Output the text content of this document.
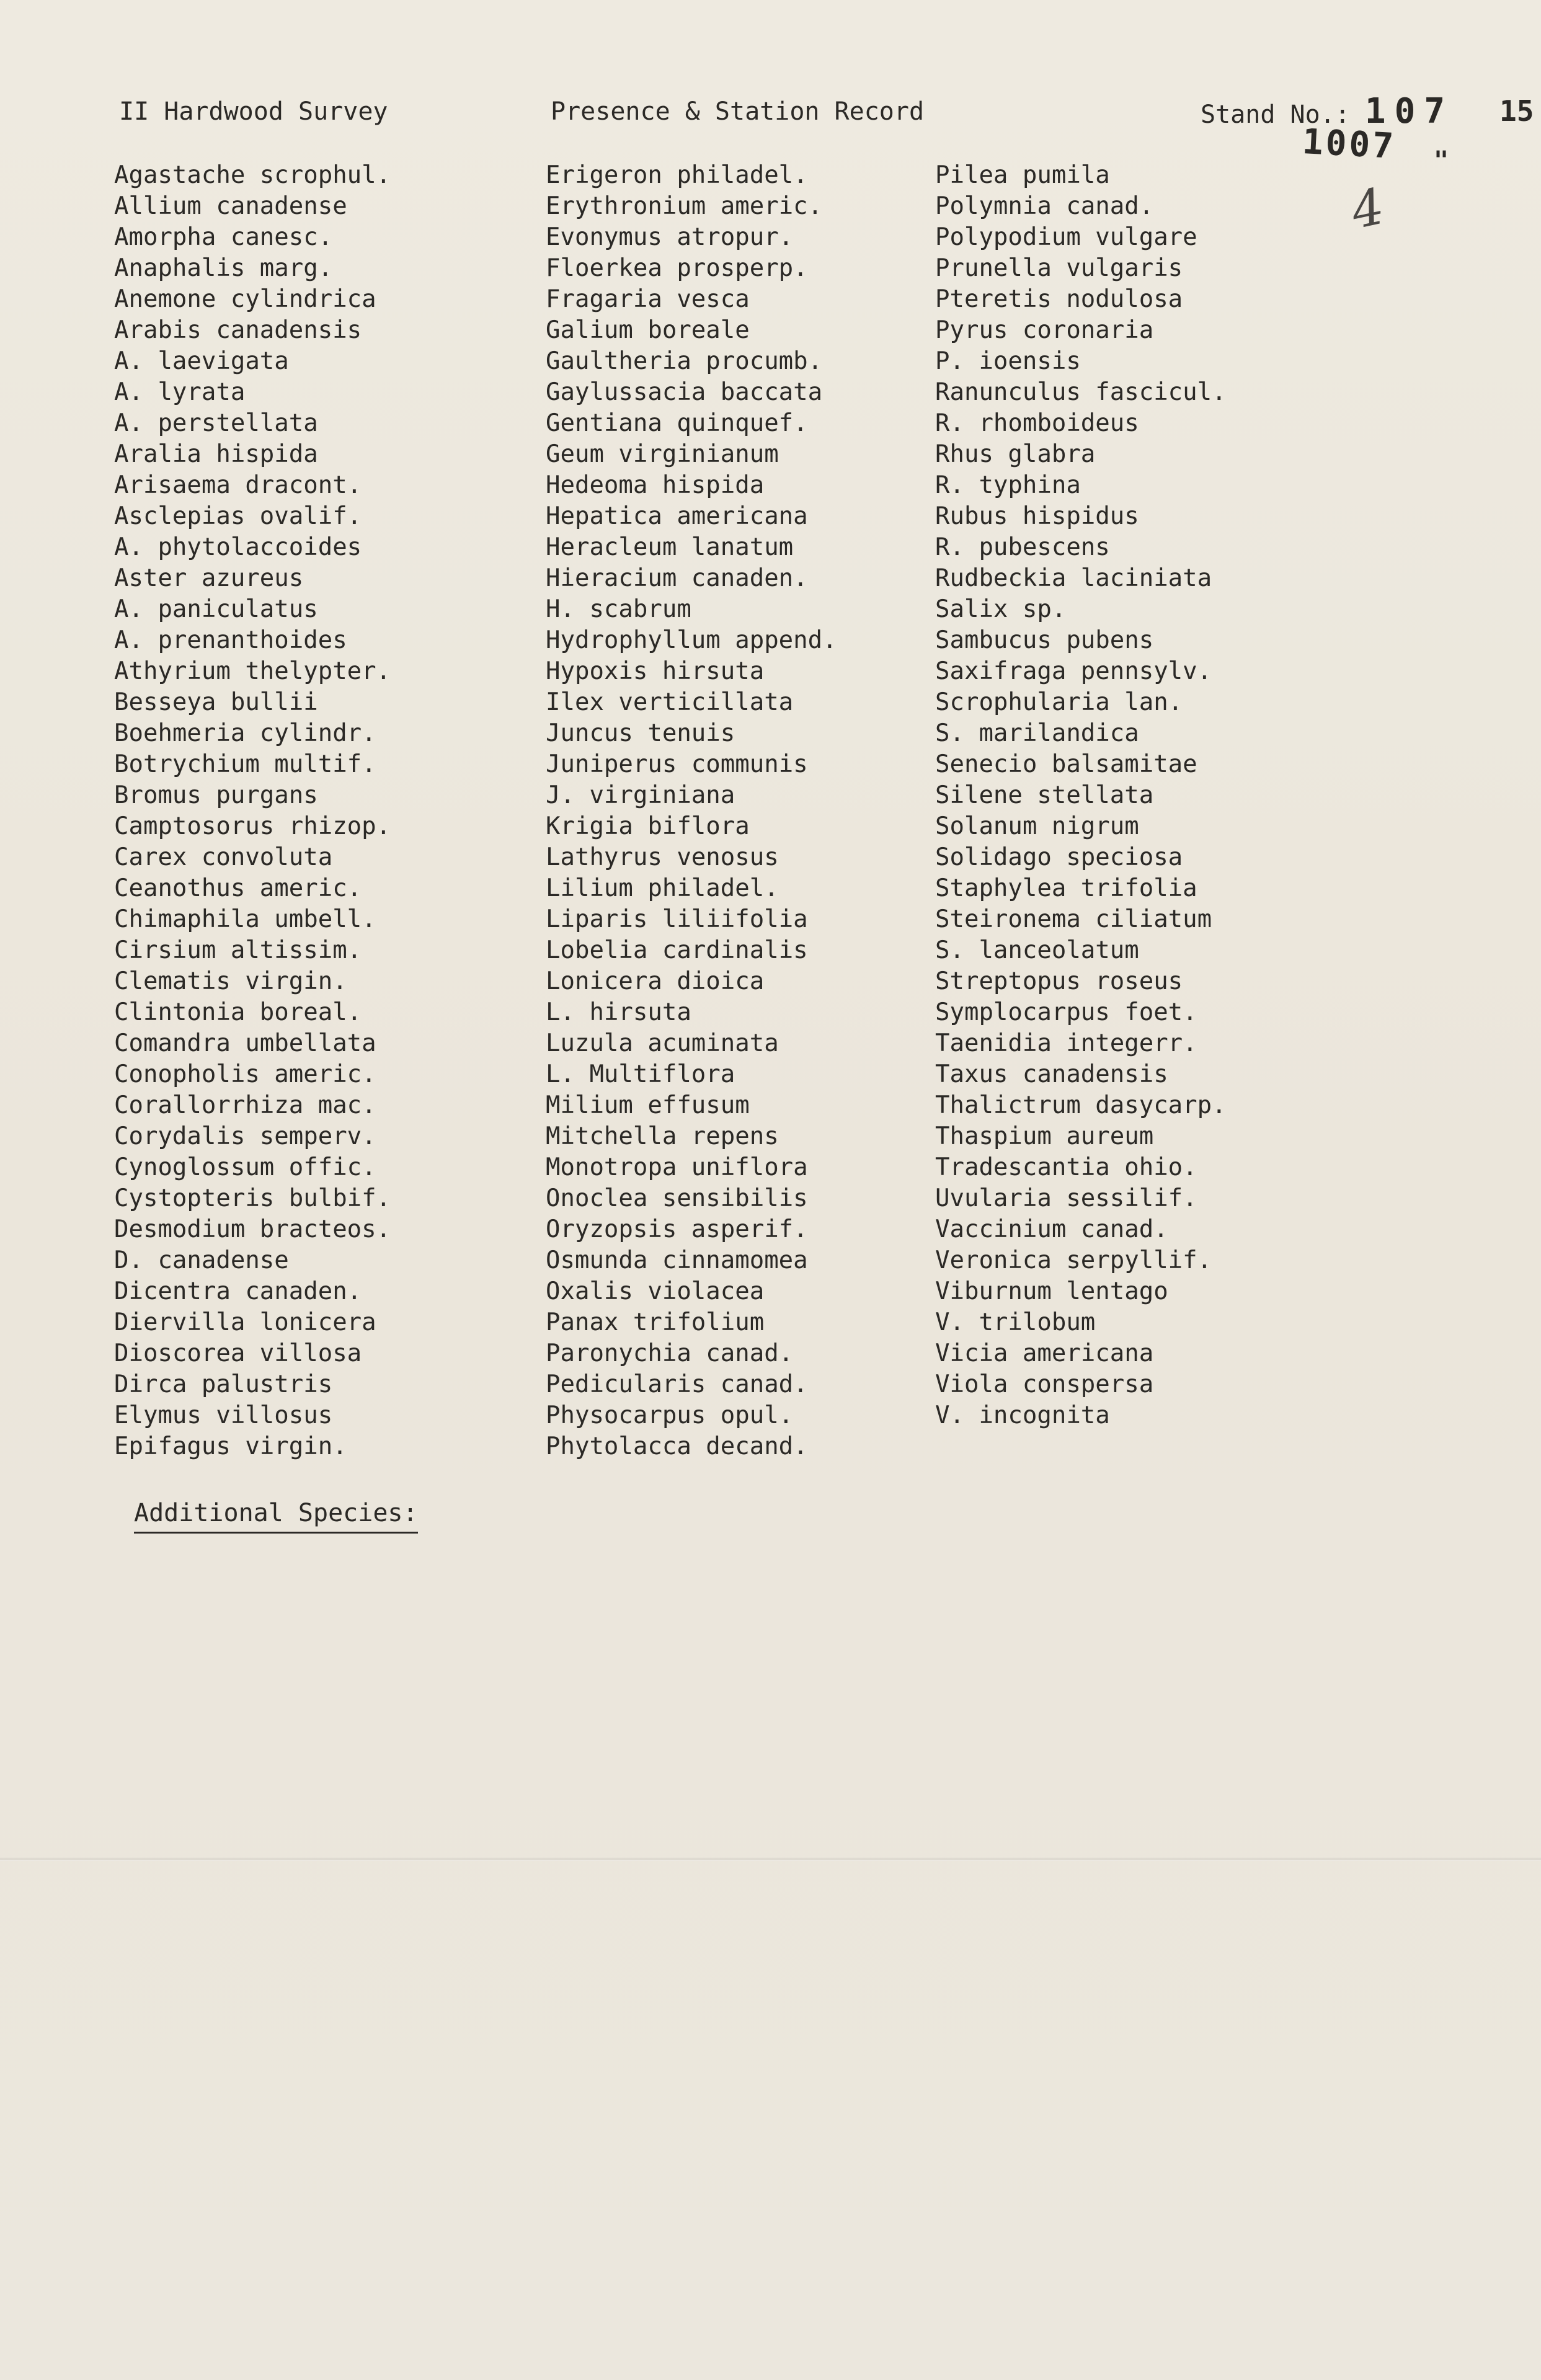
II Hardwood Survey	Presence & Station Record	Stand No.: 107 15
1007 "
4
Agastache scrophul.
Allium canadense
Amorpha canesc.
Anaphalis marg.
Anemone cylindrica
Arabis canadensis
A. laevigata
A. lyrata
A. perstellata
Aralia hispida
Arisaema dracont.
Asclepias ovalif.
A. phytolaccoides
Aster azureus
A. paniculatus
A. prenanthoides
Athyrium thelypter.
Besseya bullii
Boehmeria cylindr.
Botrychium multif.
Bromus purgans
Camptosorus rhizop.
Carex convoluta
Ceanothus americ.
Chimaphila umbell.
Cirsium altissim.
Clematis virgin.
Clintonia boreal.
Comandra umbellata
Conopholis americ.
Corallorrhiza mac.
Corydalis semperv.
Cynoglossum offic.
Cystopteris bulbif.
Desmodium bracteos.
D. canadense
Dicentra canaden.
Diervilla lonicera
Dioscorea villosa
Dirca palustris
Elymus villosus
Epifagus virgin.
Erigeron philadel.
Erythronium americ.
Evonymus atropur.
Floerkea prosperp.
Fragaria vesca
Galium boreale
Gaultheria procumb.
Gaylussacia baccata
Gentiana quinquef.
Geum virginianum
Hedeoma hispida
Hepatica americana
Heracleum lanatum
Hieracium canaden.
H. scabrum
Hydrophyllum append.
Hypoxis hirsuta
Ilex verticillata
Juncus tenuis
Juniperus communis
J. virginiana
Krigia biflora
Lathyrus venosus
Lilium philadel.
Liparis liliifolia
Lobelia cardinalis
Lonicera dioica
L. hirsuta
Luzula acuminata
L. Multiflora
Milium effusum
Mitchella repens
Monotropa uniflora
Onoclea sensibilis
Oryzopsis asperif.
Osmunda cinnamomea
Oxalis violacea
Panax trifolium
Paronychia canad.
Pedicularis canad.
Physocarpus opul.
Phytolacca decand.
Pilea pumila
Polymnia canad.
Polypodium vulgare
Prunella vulgaris
Pteretis nodulosa
Pyrus coronaria
P. ioensis
Ranunculus fascicul.
R. rhomboideus
Rhus glabra
R. typhina
Rubus hispidus
R. pubescens
Rudbeckia laciniata
Salix sp.
Sambucus pubens
Saxifraga pennsylv.
Scrophularia lan.
S. marilandica
Senecio balsamitae
Silene stellata
Solanum nigrum
Solidago speciosa
Staphylea trifolia
Steironema ciliatum
S. lanceolatum
Streptopus roseus
Symplocarpus foet.
Taenidia integerr.
Taxus canadensis
Thalictrum dasycarp.
Thaspium aureum
Tradescantia ohio.
Uvularia sessilif.
Vaccinium canad.
Veronica serpyllif.
Viburnum lentago
V. trilobum
Vicia americana
Viola conspersa
V. incognita
Additional Species:
